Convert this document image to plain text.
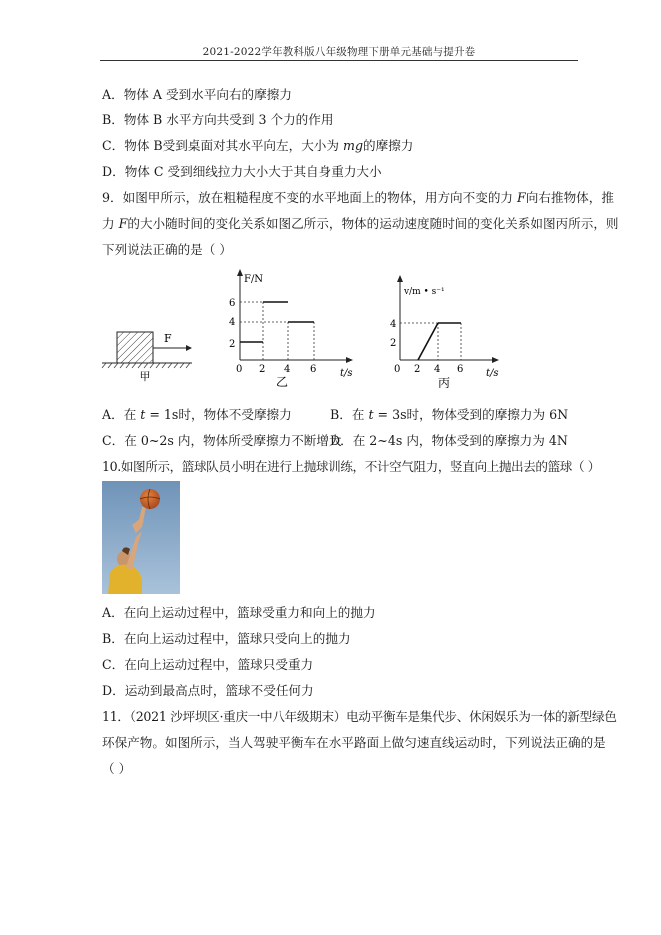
2021-2022学年教科版八年级物理下册单元基础与提升卷
A．物体 A 受到水平向右的摩擦力
B．物体 B 水平方向共受到 3 个力的作用
C．物体 B受到桌面对其水平向左，大小为 mg的摩擦力
D．物体 C 受到细线拉力大小大于其自身重力大小
9．如图甲所示，放在粗糙程度不变的水平地面上的物体，用方向不变的力 F向右推物体，推
力 F的大小随时间的变化关系如图乙所示，物体的运动速度随时间的变化关系如图丙所示，则
下列说法正确的是（ ）
F
甲
F/N
t/s
2
4
6
0 2 4 6
乙
v/m • s⁻¹
t/s
2
4
0 2 4 6
丙
A．在 t = 1s时，物体不受摩擦力	B．在 t = 3s时，物体受到的摩擦力为 6N
C．在 0~2s 内，物体所受摩擦力不断增大
D．在 2~4s 内，物体受到的摩擦力为 4N
10.如图所示，篮球队员小明在进行上抛球训练，不计空气阻力，竖直向上抛出去的篮球（ ）
A．在向上运动过程中，篮球受重力和向上的抛力
B．在向上运动过程中，篮球只受向上的抛力
C．在向上运动过程中，篮球只受重力
D．运动到最高点时，篮球不受任何力
11．（2021 沙坪坝区·重庆一中八年级期末）电动平衡车是集代步、休闲娱乐为一体的新型绿色
环保产物。如图所示，当人驾驶平衡车在水平路面上做匀速直线运动时，下列说法正确的是
（ ）
